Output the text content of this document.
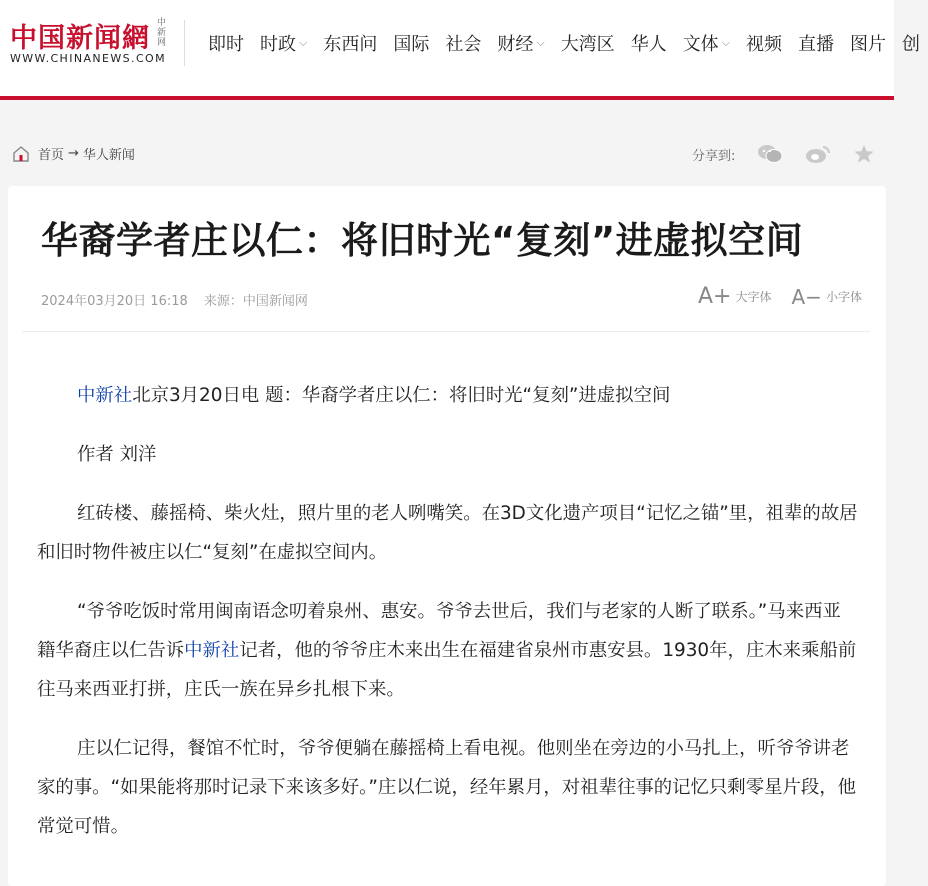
中国新闻網 中新网
WWW.CHINANEWS.COM
即时 时政 ⌵ 东西问 国际 社会 财经 ⌵ 大湾区 华人 文体 ⌵ 视频 直播 图片 创
首页 → 华人新闻	分享到:
华裔学者庄以仁：将旧时光“复刻”进虚拟空间
2024年03月20日 16:18 来源：中国新闻网	A+ 大字体 A− 小字体

中新社北京3月20日电 题：华裔学者庄以仁：将旧时光“复刻”进虚拟空间

作者 刘洋

红砖楼、藤摇椅、柴火灶，照片里的老人咧嘴笑。在3D文化遗产项目“记忆之锚”里，祖辈的故居和旧时物件被庄以仁“复刻”在虚拟空间内。

“爷爷吃饭时常用闽南语念叨着泉州、惠安。爷爷去世后，我们与老家的人断了联系。”马来西亚籍华裔庄以仁告诉中新社记者，他的爷爷庄木来出生在福建省泉州市惠安县。1930年，庄木来乘船前往马来西亚打拼，庄氏一族在异乡扎根下来。

庄以仁记得，餐馆不忙时，爷爷便躺在藤摇椅上看电视。他则坐在旁边的小马扎上，听爷爷讲老家的事。“如果能将那时记录下来该多好。”庄以仁说，经年累月，对祖辈往事的记忆只剩零星片段，他常觉可惜。
